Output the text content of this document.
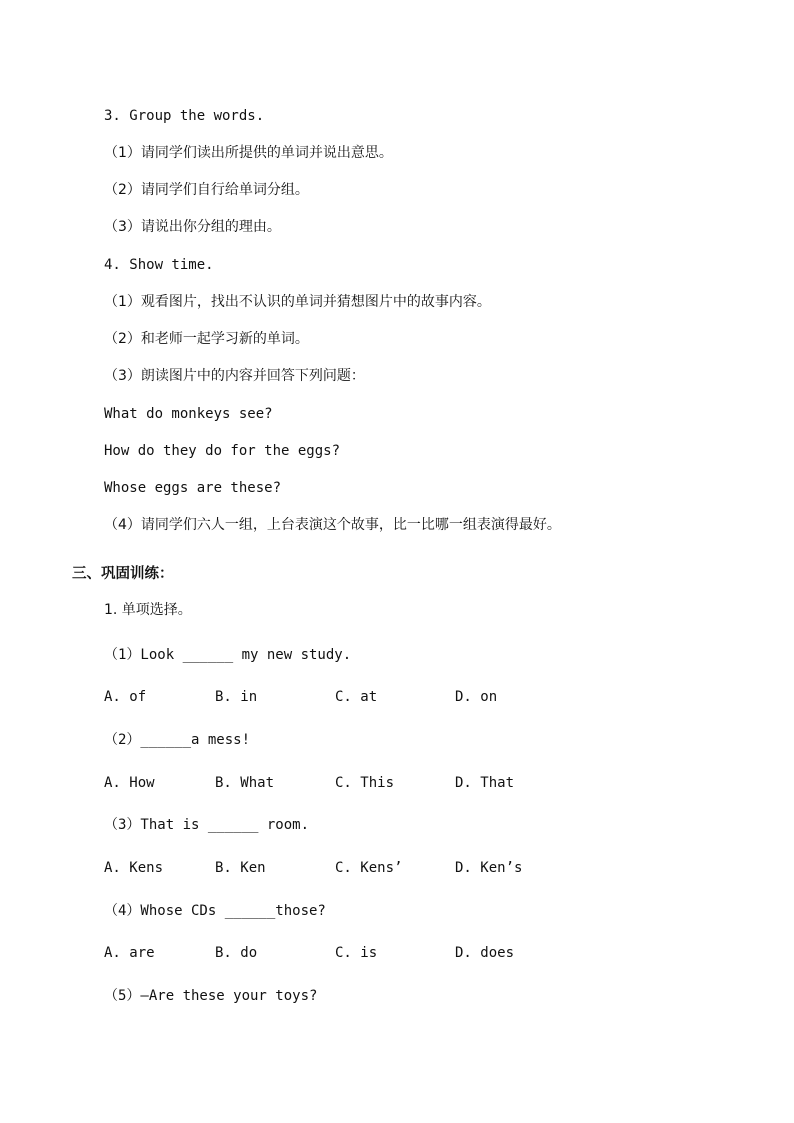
3. Group the words.
（1）请同学们读出所提供的单词并说出意思。
（2）请同学们自行给单词分组。
（3）请说出你分组的理由。
4. Show time.
（1）观看图片，找出不认识的单词并猜想图片中的故事内容。
（2）和老师一起学习新的单词。
（3）朗读图片中的内容并回答下列问题：
What do monkeys see?
How do they do for the eggs?
Whose eggs are these?
（4）请同学们六人一组，上台表演这个故事，比一比哪一组表演得最好。
三、巩固训练：
1. 单项选择。
（1）Look ______ my new study.
A. of	B. in	C. at	D. on
（2）______a mess!
A. How	B. What	C. This	D. That
（3）That is ______ room.
A. Kens	B. Ken	C. Kens’	D. Ken’s
（4）Whose CDs ______those?
A. are	B. do	C. is	D. does
（5）—Are these your toys?
